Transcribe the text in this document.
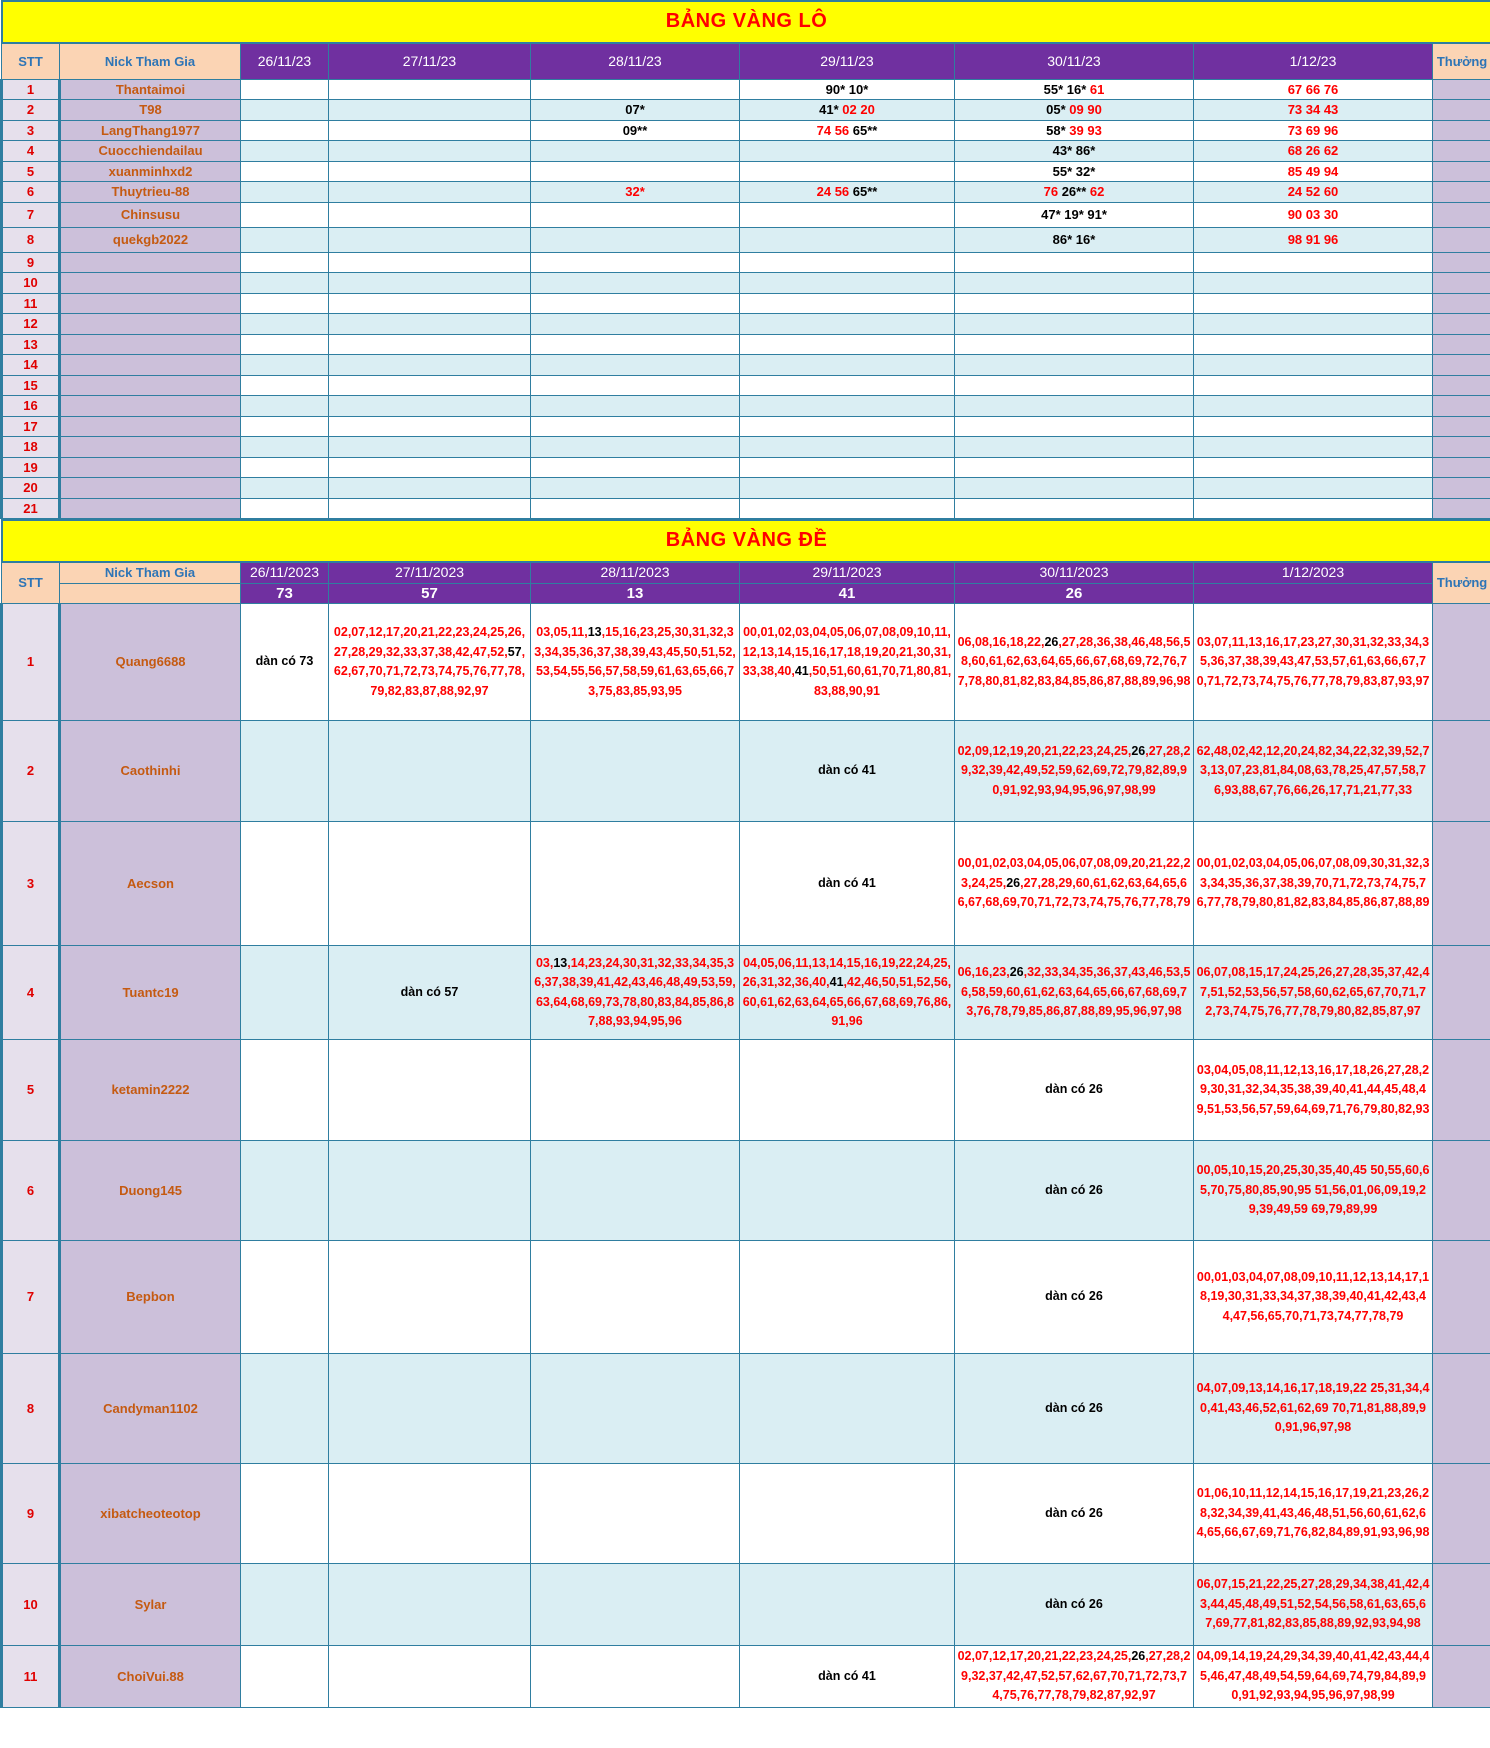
BẢNG VÀNG LÔ								
STT	Nick Tham Gia	26/11/23	27/11/23	28/11/23	29/11/23	30/11/23	1/12/23	Thưởng
1	Thantaimoi				90* 10*	55* 16* 61	67 66 76	
2	T98			07*	41* 02 20	05* 09 90	73 34 43	
3	LangThang1977			09**	74 56 65**	58* 39 93	73 69 96	
4	Cuocchiendailau					43* 86*	68 26 62	
5	xuanminhxd2					55* 32*	85 49 94	
6	Thuytrieu-88			32*	24 56 65**	76 26** 62	24 52 60	
7	Chinsusu					47* 19* 91*	90 03 30	
8	quekgb2022					86* 16*	98 91 96	
9								
10								
11								
12								
13								
14								
15								
16								
17								
18								
19								
20								
21								
BẢNG VÀNG ĐỀ								
STT	Nick Tham Gia	26/11/2023	27/11/2023	28/11/2023	29/11/2023	30/11/2023	1/12/2023	Thưởng
		73	57	13	41	26		
1	Quang6688	dàn có 73	02,07,12,17,20,21,22,23,24,25,26,27,28,29,32,33,37,38,42,47,52,57,62,67,70,71,72,73,74,75,76,77,78,79,82,83,87,88,92,97	03,05,11,13,15,16,23,25,30,31,32,33,34,35,36,37,38,39,43,45,50,51,52,53,54,55,56,57,58,59,61,63,65,66,73,75,83,85,93,95	00,01,02,03,04,05,06,07,08,09,10,11,12,13,14,15,16,17,18,19,20,21,30,31,33,38,40,41,50,51,60,61,70,71,80,81,83,88,90,91	06,08,16,18,22,26,27,28,36,38,46,48,56,58,60,61,62,63,64,65,66,67,68,69,72,76,77,78,80,81,82,83,84,85,86,87,88,89,96,98	03,07,11,13,16,17,23,27,30,31,32,33,34,35,36,37,38,39,43,47,53,57,61,63,66,67,70,71,72,73,74,75,76,77,78,79,83,87,93,97	
2	Caothinhi				dàn có 41	02,09,12,19,20,21,22,23,24,25,26,27,28,29,32,39,42,49,52,59,62,69,72,79,82,89,90,91,92,93,94,95,96,97,98,99	62,48,02,42,12,20,24,82,34,22,32,39,52,73,13,07,23,81,84,08,63,78,25,47,57,58,76,93,88,67,76,66,26,17,71,21,77,33	
3	Aecson				dàn có 41	00,01,02,03,04,05,06,07,08,09,20,21,22,23,24,25,26,27,28,29,60,61,62,63,64,65,66,67,68,69,70,71,72,73,74,75,76,77,78,79	00,01,02,03,04,05,06,07,08,09,30,31,32,33,34,35,36,37,38,39,70,71,72,73,74,75,76,77,78,79,80,81,82,83,84,85,86,87,88,89	
4	Tuantc19		dàn có 57	03,13,14,23,24,30,31,32,33,34,35,36,37,38,39,41,42,43,46,48,49,53,59,63,64,68,69,73,78,80,83,84,85,86,87,88,93,94,95,96	04,05,06,11,13,14,15,16,19,22,24,25,26,31,32,36,40,41,42,46,50,51,52,56,60,61,62,63,64,65,66,67,68,69,76,86,91,96	06,16,23,26,32,33,34,35,36,37,43,46,53,56,58,59,60,61,62,63,64,65,66,67,68,69,73,76,78,79,85,86,87,88,89,95,96,97,98	06,07,08,15,17,24,25,26,27,28,35,37,42,47,51,52,53,56,57,58,60,62,65,67,70,71,72,73,74,75,76,77,78,79,80,82,85,87,97	
5	ketamin2222					dàn có 26	03,04,05,08,11,12,13,16,17,18,26,27,28,29,30,31,32,34,35,38,39,40,41,44,45,48,49,51,53,56,57,59,64,69,71,76,79,80,82,93	
6	Duong145					dàn có 26	00,05,10,15,20,25,30,35,40,45 50,55,60,65,70,75,80,85,90,95 51,56,01,06,09,19,29,39,49,59 69,79,89,99	
7	Bepbon					dàn có 26	00,01,03,04,07,08,09,10,11,12,13,14,17,18,19,30,31,33,34,37,38,39,40,41,42,43,44,47,56,65,70,71,73,74,77,78,79	
8	Candyman1102					dàn có 26	04,07,09,13,14,16,17,18,19,22 25,31,34,40,41,43,46,52,61,62,69 70,71,81,88,89,90,91,96,97,98	
9	xibatcheoteotop					dàn có 26	01,06,10,11,12,14,15,16,17,19,21,23,26,28,32,34,39,41,43,46,48,51,56,60,61,62,64,65,66,67,69,71,76,82,84,89,91,93,96,98	
10	Sylar					dàn có 26	06,07,15,21,22,25,27,28,29,34,38,41,42,43,44,45,48,49,51,52,54,56,58,61,63,65,67,69,77,81,82,83,85,88,89,92,93,94,98	
11	ChoiVui.88				dàn có 41	02,07,12,17,20,21,22,23,24,25,26,27,28,29,32,37,42,47,52,57,62,67,70,71,72,73,74,75,76,77,78,79,82,87,92,97	04,09,14,19,24,29,34,39,40,41,42,43,44,45,46,47,48,49,54,59,64,69,74,79,84,89,90,91,92,93,94,95,96,97,98,99	
